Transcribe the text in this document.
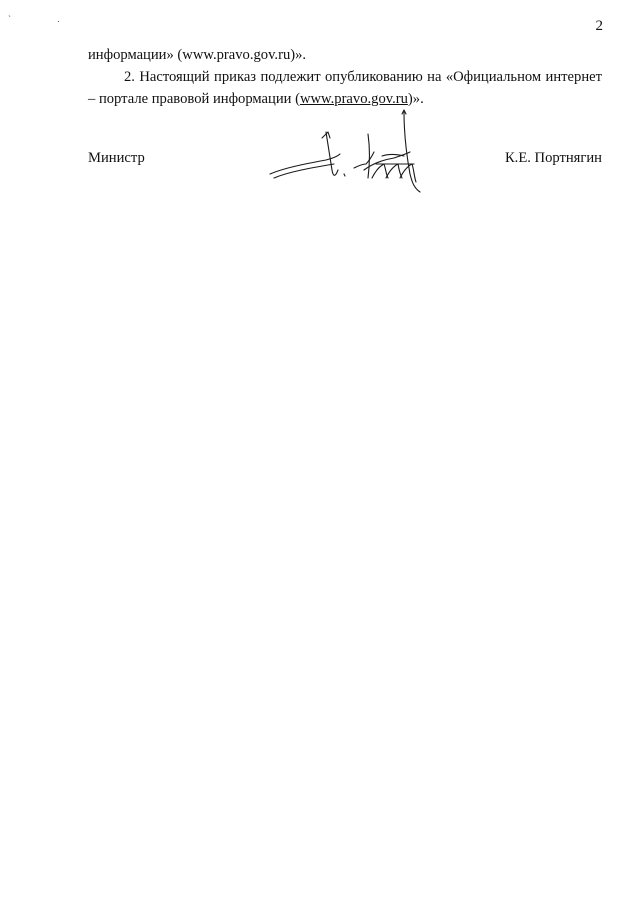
` .	2

информации» (www.pravo.gov.ru)».

2. Настоящий приказ подлежит опубликованию на «Официальном интернет – портале правовой информации (www.pravo.gov.ru)».

Министр	К.Е. Портнягин
